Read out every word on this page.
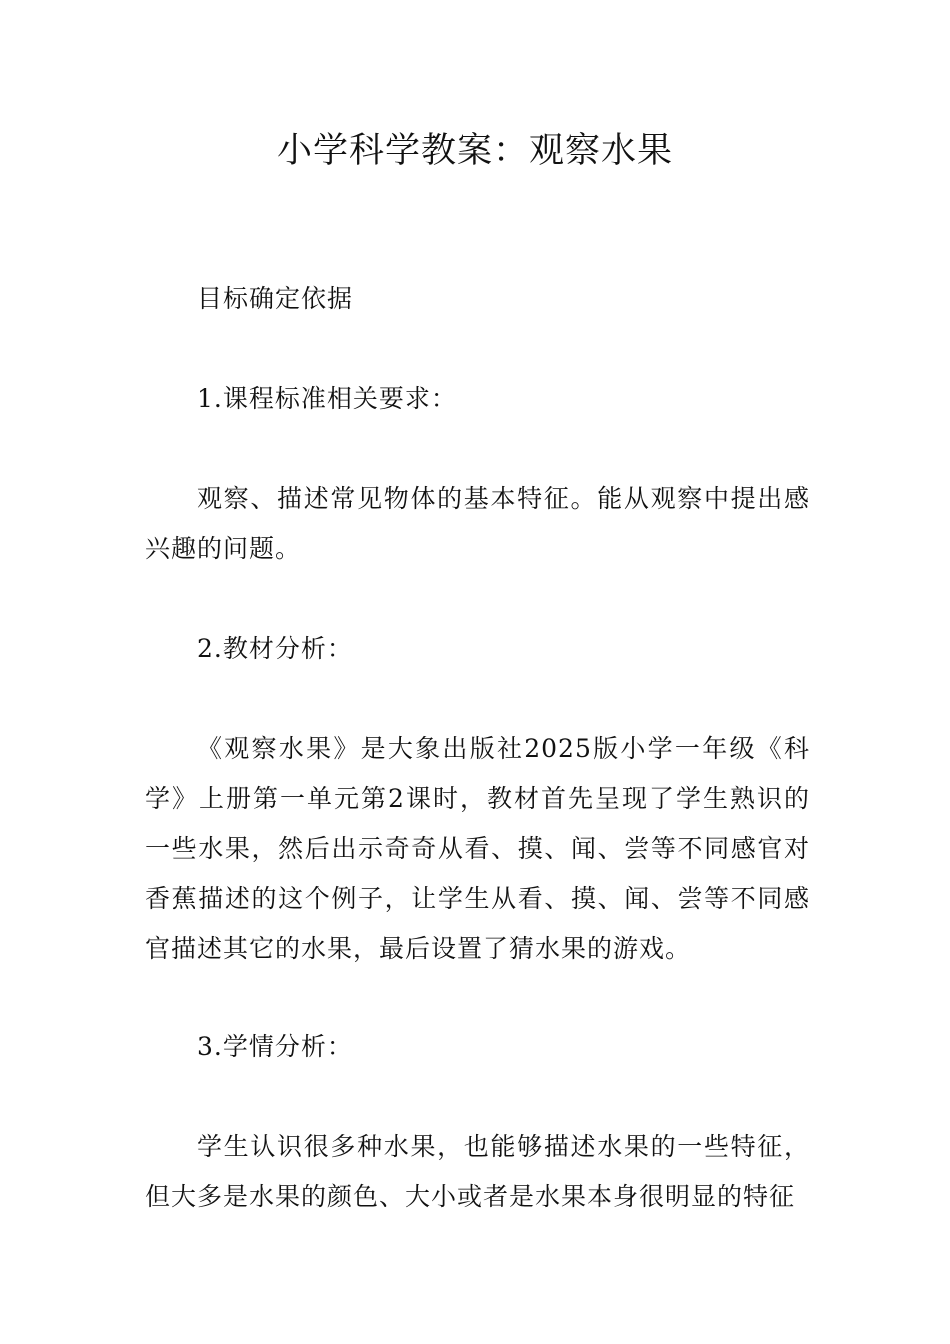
小学科学教案：观察水果

目标确定依据

1.课程标准相关要求：

观察、描述常见物体的基本特征。能从观察中提出感兴趣的问题。

2.教材分析：

《观察水果》是大象出版社2025版小学一年级《科学》上册第一单元第2课时，教材首先呈现了学生熟识的一些水果，然后出示奇奇从看、摸、闻、尝等不同感官对香蕉描述的这个例子，让学生从看、摸、闻、尝等不同感官描述其它的水果，最后设置了猜水果的游戏。

3.学情分析：

学生认识很多种水果，也能够描述水果的一些特征，但大多是水果的颜色、大小或者是水果本身很明显的特征
